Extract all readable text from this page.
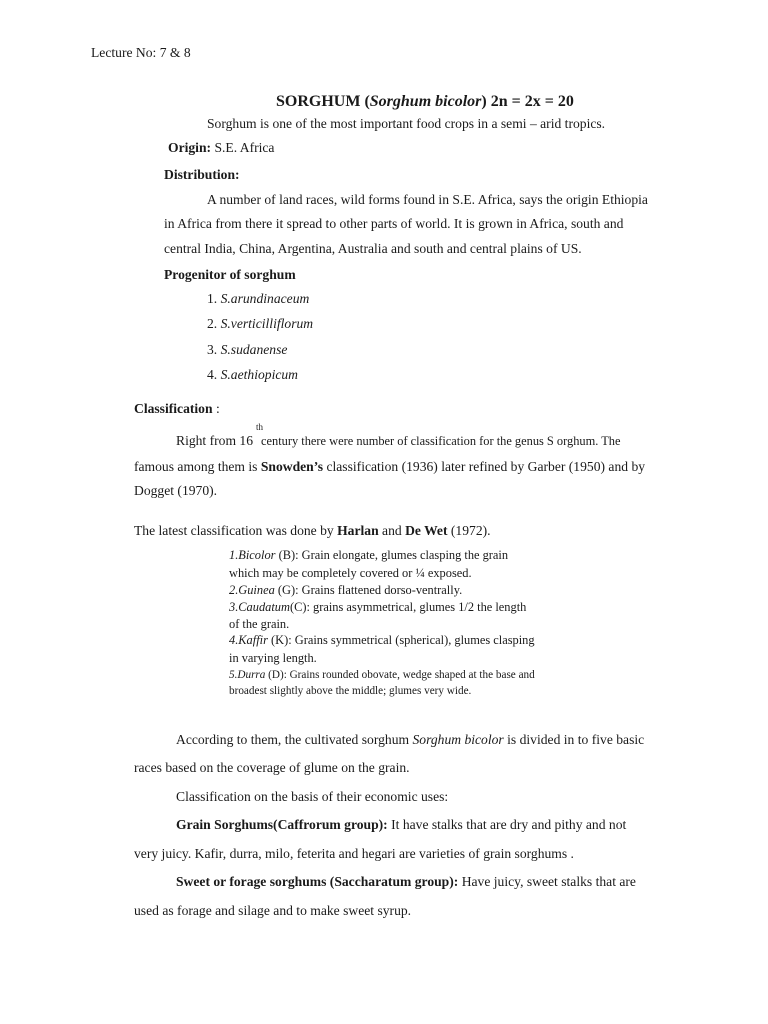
Lecture No: 7 & 8
SORGHUM (Sorghum bicolor) 2n = 2x = 20
Sorghum is one of the most important food crops in a semi – arid tropics.
Origin: S.E. Africa
Distribution:
A number of land races, wild forms found in S.E. Africa, says the origin Ethiopia
in Africa from there it spread to other parts of world. It is grown in Africa, south and
central India, China, Argentina, Australia and south and central plains of US.
Progenitor of sorghum
1. S.arundinaceum
2. S.verticilliflorum
3. S.sudanense
4. S.aethiopicum
Classification :
th
Right from 16 century there were number of classification for the genus S orghum. The
famous among them is Snowden’s classification (1936) later refined by Garber (1950) and by
Dogget (1970).
The latest classification was done by Harlan and De Wet (1972).
1.Bicolor (B): Grain elongate, glumes clasping the grain
which may be completely covered or ¼ exposed.
2.Guinea (G): Grains flattened dorso-ventrally.
3.Caudatum(C): grains asymmetrical, glumes 1/2 the length
of the grain.
4.Kaffir (K): Grains symmetrical (spherical), glumes clasping
in varying length.
5.Durra (D): Grains rounded obovate, wedge shaped at the base and
broadest slightly above the middle; glumes very wide.
According to them, the cultivated sorghum Sorghum bicolor is divided in to five basic
races based on the coverage of glume on the grain.
Classification on the basis of their economic uses:
Grain Sorghums(Caffrorum group): It have stalks that are dry and pithy and not
very juicy. Kafir, durra, milo, feterita and hegari are varieties of grain sorghums .
Sweet or forage sorghums (Saccharatum group): Have juicy, sweet stalks that are
used as forage and silage and to make sweet syrup.
